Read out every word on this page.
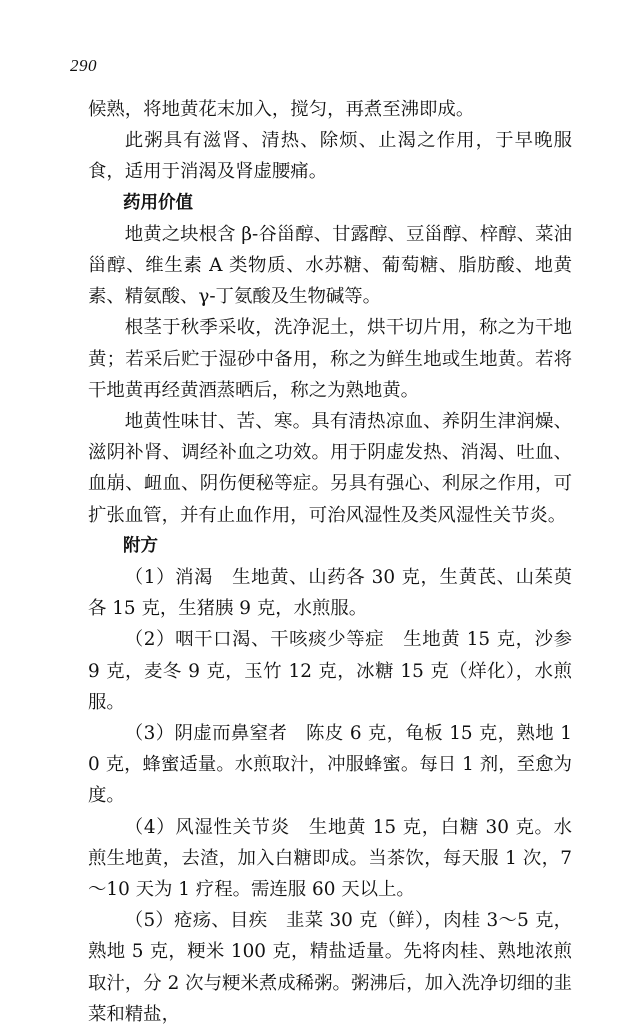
290

候熟，将地黄花末加入，搅匀，再煮至沸即成。

此粥具有滋肾、清热、除烦、止渴之作用，于早晚服食，适用于消渴及肾虚腰痛。

药用价值

地黄之块根含 β-谷甾醇、甘露醇、豆甾醇、梓醇、菜油甾醇、维生素 A 类物质、水苏糖、葡萄糖、脂肪酸、地黄素、精氨酸、γ-丁氨酸及生物碱等。

根茎于秋季采收，洗净泥土，烘干切片用，称之为干地黄；若采后贮于湿砂中备用，称之为鲜生地或生地黄。若将干地黄再经黄酒蒸晒后，称之为熟地黄。

地黄性味甘、苦、寒。具有清热凉血、养阴生津润燥、滋阴补肾、调经补血之功效。用于阴虚发热、消渴、吐血、血崩、衄血、阴伤便秘等症。另具有强心、利尿之作用，可扩张血管，并有止血作用，可治风湿性及类风湿性关节炎。

附方

（1）消渴　生地黄、山药各 30 克，生黄芪、山茱萸各 15 克，生猪胰 9 克，水煎服。

（2）咽干口渴、干咳痰少等症　生地黄 15 克，沙参 9 克，麦冬 9 克，玉竹 12 克，冰糖 15 克（烊化），水煎服。

（3）阴虚而鼻窒者　陈皮 6 克，龟板 15 克，熟地 10 克，蜂蜜适量。水煎取汁，冲服蜂蜜。每日 1 剂，至愈为度。

（4）风湿性关节炎　生地黄 15 克，白糖 30 克。水煎生地黄，去渣，加入白糖即成。当茶饮，每天服 1 次，7～10 天为 1 疗程。需连服 60 天以上。

（5）疮疡、目疾　韭菜 30 克（鲜），肉桂 3～5 克，熟地 5 克，粳米 100 克，精盐适量。先将肉桂、熟地浓煎取汁，分 2 次与粳米煮成稀粥。粥沸后，加入洗净切细的韭菜和精盐，
